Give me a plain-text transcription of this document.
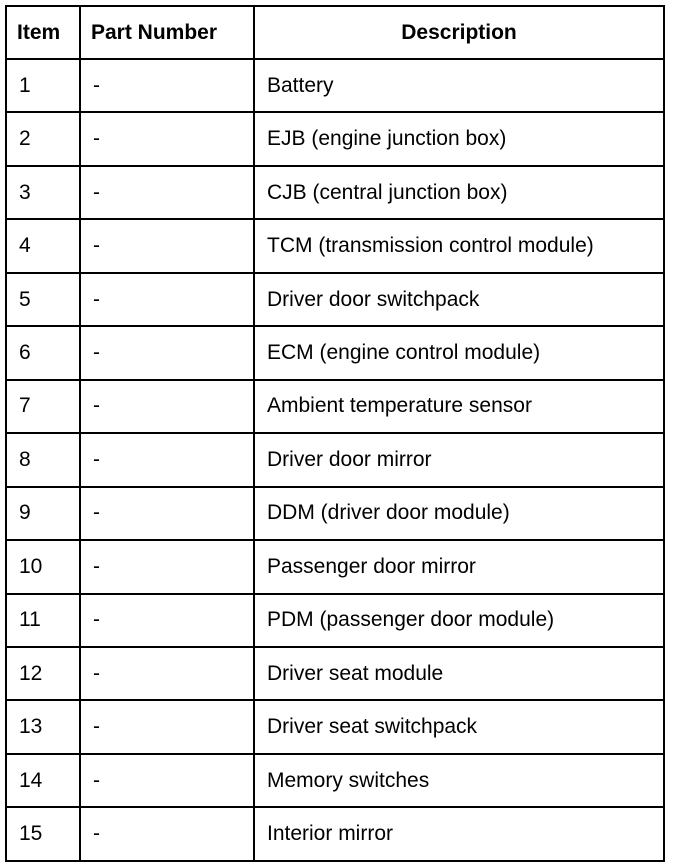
Item	Part Number	Description
1	-	Battery
2	-	EJB (engine junction box)
3	-	CJB (central junction box)
4	-	TCM (transmission control module)
5	-	Driver door switchpack
6	-	ECM (engine control module)
7	-	Ambient temperature sensor
8	-	Driver door mirror
9	-	DDM (driver door module)
10	-	Passenger door mirror
11	-	PDM (passenger door module)
12	-	Driver seat module
13	-	Driver seat switchpack
14	-	Memory switches
15	-	Interior mirror
